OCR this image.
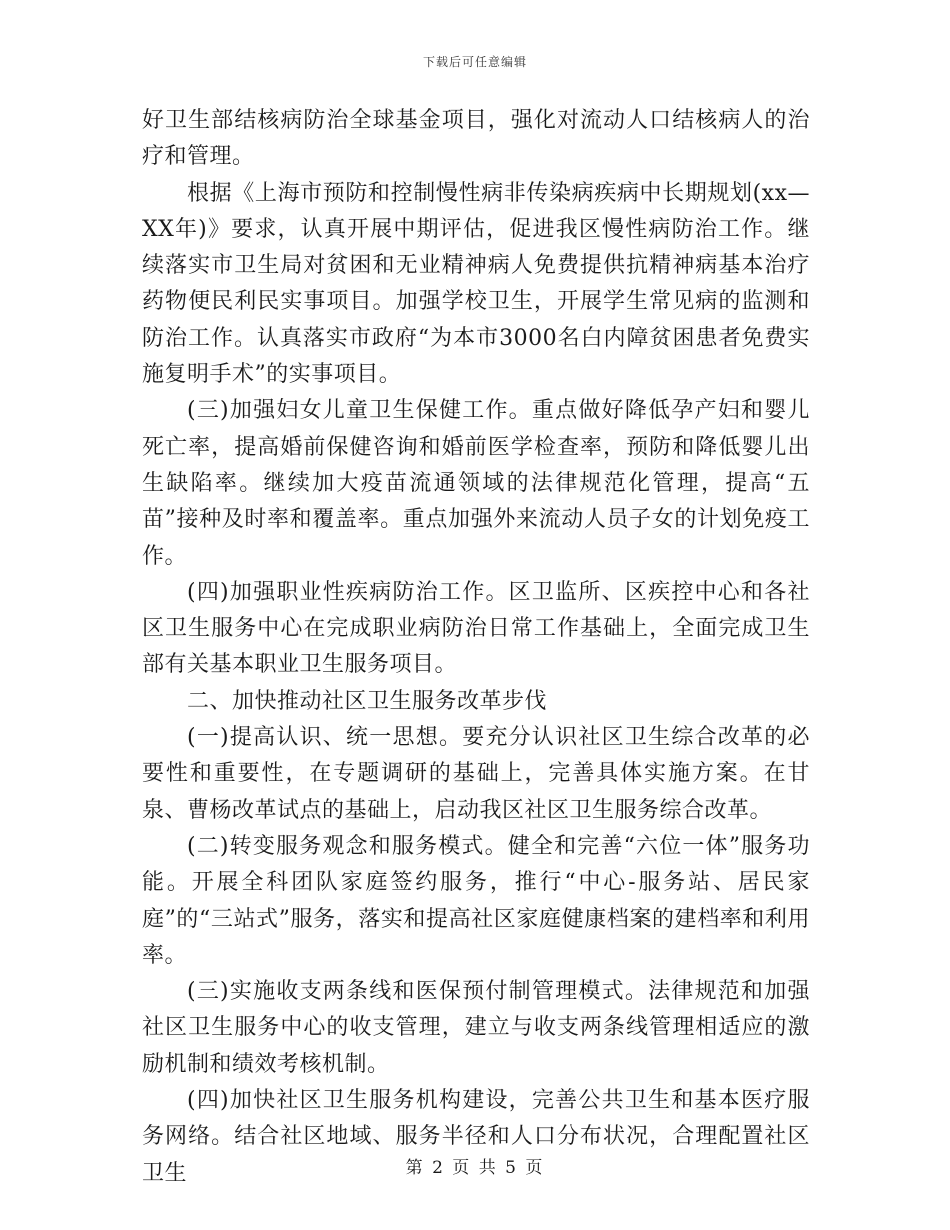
下载后可任意编辑

好卫生部结核病防治全球基金项目，强化对流动人口结核病人的治疗和管理。

根据《上海市预防和控制慢性病非传染病疾病中长期规划(xx—XX年)》要求，认真开展中期评估，促进我区慢性病防治工作。继续落实市卫生局对贫困和无业精神病人免费提供抗精神病基本治疗药物便民利民实事项目。加强学校卫生，开展学生常见病的监测和防治工作。认真落实市政府“为本市3000名白内障贫困患者免费实施复明手术”的实事项目。

(三)加强妇女儿童卫生保健工作。重点做好降低孕产妇和婴儿死亡率，提高婚前保健咨询和婚前医学检查率，预防和降低婴儿出生缺陷率。继续加大疫苗流通领域的法律规范化管理，提高“五苗”接种及时率和覆盖率。重点加强外来流动人员子女的计划免疫工作。

(四)加强职业性疾病防治工作。区卫监所、区疾控中心和各社区卫生服务中心在完成职业病防治日常工作基础上，全面完成卫生部有关基本职业卫生服务项目。

二、加快推动社区卫生服务改革步伐

(一)提高认识、统一思想。要充分认识社区卫生综合改革的必要性和重要性，在专题调研的基础上，完善具体实施方案。在甘泉、曹杨改革试点的基础上，启动我区社区卫生服务综合改革。

(二)转变服务观念和服务模式。健全和完善“六位一体”服务功能。开展全科团队家庭签约服务，推行“中心-服务站、居民家庭”的“三站式”服务，落实和提高社区家庭健康档案的建档率和利用率。

(三)实施收支两条线和医保预付制管理模式。法律规范和加强社区卫生服务中心的收支管理，建立与收支两条线管理相适应的激励机制和绩效考核机制。

(四)加快社区卫生服务机构建设，完善公共卫生和基本医疗服务网络。结合社区地域、服务半径和人口分布状况，合理配置社区卫生	第 2 页 共 5 页
